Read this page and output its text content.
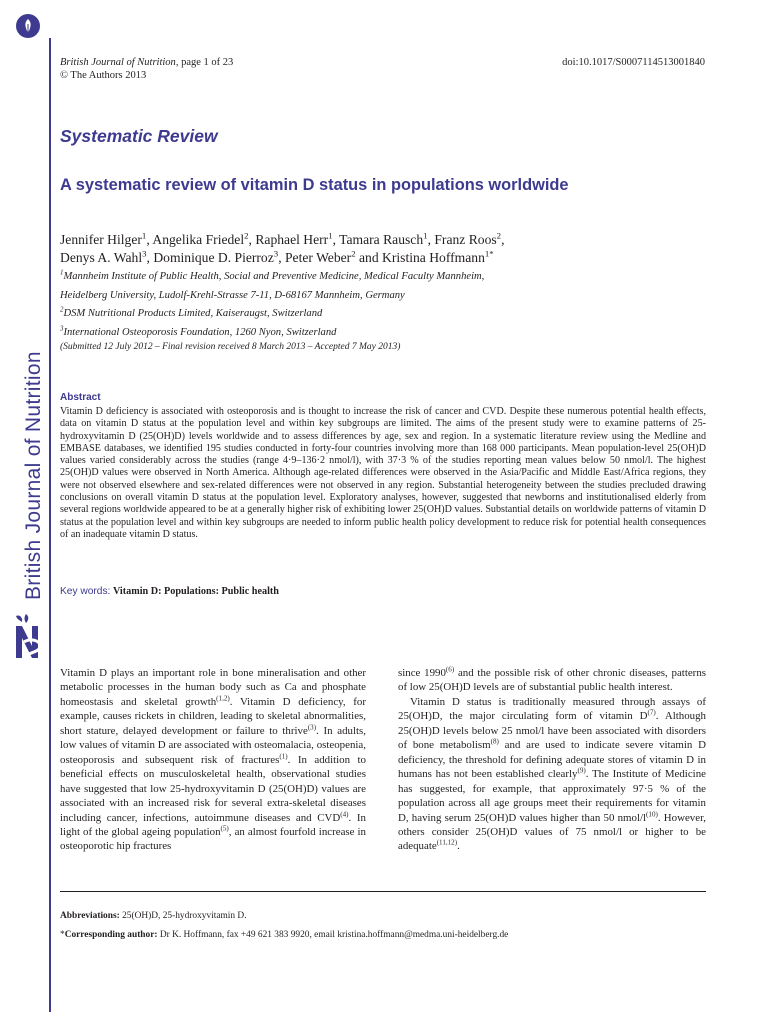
British Journal of Nutrition
British Journal of Nutrition, page 1 of 23
© The Authors 2013
doi:10.1017/S0007114513001840
Systematic Review
A systematic review of vitamin D status in populations worldwide
Jennifer Hilger$^1$, Angelika Friedel$^2$, Raphael Herr$^1$, Tamara Rausch$^1$, Franz Roos$^2$,
Denys A. Wahl$^3$, Dominique D. Pierroz$^3$, Peter Weber$^2$ and Kristina Hoffmann$^{1*}$
$^1$Mannheim Institute of Public Health, Social and Preventive Medicine, Medical Faculty Mannheim,
Heidelberg University, Ludolf-Krehl-Strasse 7-11, D-68167 Mannheim, Germany
$^2$DSM Nutritional Products Limited, Kaiseraugst, Switzerland
$^3$International Osteoporosis Foundation, 1260 Nyon, Switzerland
(Submitted 12 July 2012 – Final revision received 8 March 2013 – Accepted 7 May 2013)
Abstract
Vitamin D deficiency is associated with osteoporosis and is thought to increase the risk of cancer and CVD. Despite these numerous potential health effects, data on vitamin D status at the population level and within key subgroups are limited. The aims of the present study were to examine patterns of 25-hydroxyvitamin D (25(OH)D) levels worldwide and to assess differences by age, sex and region. In a systematic literature review using the Medline and EMBASE databases, we identified 195 studies conducted in forty-four countries involving more than 168 000 participants. Mean population-level 25(OH)D values varied considerably across the studies (range 4·9–136·2 nmol/l), with 37·3 % of the studies reporting mean values below 50 nmol/l. The highest 25(OH)D values were observed in North America. Although age-related differences were observed in the Asia/Pacific and Middle East/Africa regions, they were not observed elsewhere and sex-related differences were not observed in any region. Substantial heterogeneity between the studies precluded drawing conclusions on overall vitamin D status at the population level. Exploratory analyses, however, suggested that newborns and institutionalised elderly from several regions worldwide appeared to be at a generally higher risk of exhibiting lower 25(OH)D values. Substantial details on worldwide patterns of vitamin D status at the population level and within key subgroups are needed to inform public health policy development to reduce risk for potential health consequences of an inadequate vitamin D status.
Key words: Vitamin D: Populations: Public health

Vitamin D plays an important role in bone mineralisation and other metabolic processes in the human body such as Ca and phosphate homeostasis and skeletal growth$^{(1,2)}$. Vitamin D deficiency, for example, causes rickets in children, leading to skeletal abnormalities, short stature, delayed development or failure to thrive$^{(3)}$. In adults, low values of vitamin D are associated with osteomalacia, osteopenia, osteoporosis and subsequent risk of fractures$^{(1)}$. In addition to beneficial effects on musculoskeletal health, observational studies have suggested that low 25-hydroxyvitamin D (25(OH)D) values are associated with an increased risk for several extra-skeletal diseases including cancer, infections, autoimmune diseases and CVD$^{(4)}$. In light of the global ageing population$^{(5)}$, an almost fourfold increase in osteoporotic hip fractures

since 1990$^{(6)}$ and the possible risk of other chronic diseases, patterns of low 25(OH)D levels are of substantial public health interest.

Vitamin D status is traditionally measured through assays of 25(OH)D, the major circulating form of vitamin $D^{(7)}$. Although 25(OH)D levels below 25 nmol/l have been associated with disorders of bone metabolism$^{(8)}$ and are used to indicate severe vitamin D deficiency, the threshold for defining adequate stores of vitamin D in humans has not been established clearly$^{(9)}$. The Institute of Medicine has suggested, for example, that approximately 97·5 % of the population across all age groups meet their requirements for vitamin D, having serum 25(OH)D values higher than 50 nmol/$l^{(10)}$. However, others consider 25(OH)D values of 75 nmol/l or higher to be adequate$^{(11,12)}$.

Abbreviations: 25(OH)D, 25-hydroxyvitamin D.
*Corresponding author: Dr K. Hoffmann, fax +49 621 383 9920, email kristina.hoffmann@medma.uni-heidelberg.de
